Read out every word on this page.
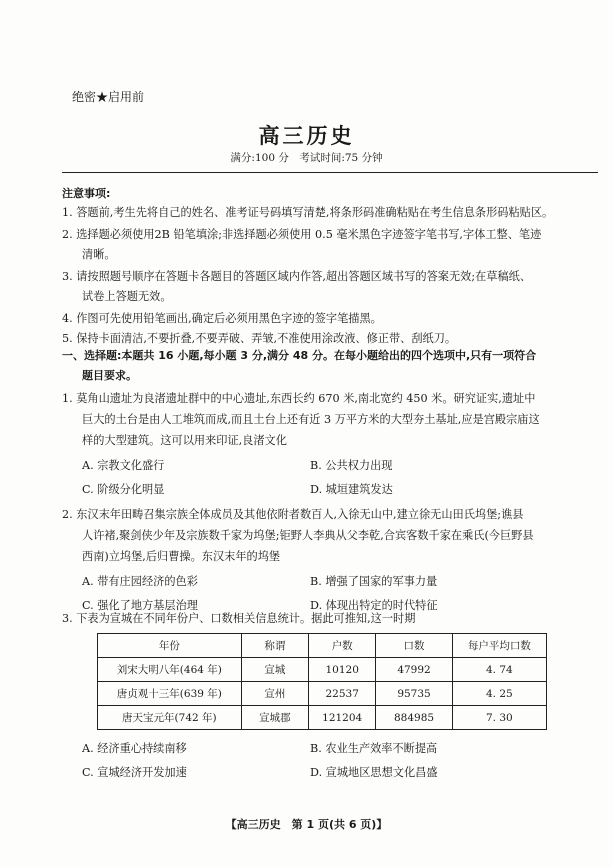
绝密★启用前
高三历史
满分:100 分　考试时间:75 分钟
注意事项:
1. 答题前,考生先将自己的姓名、准考证号码填写清楚,将条形码准确粘贴在考生信息条形码粘贴区。
2. 选择题必须使用2B 铅笔填涂;非选择题必须使用 0.5 毫米黑色字迹签字笔书写,字体工整、笔迹
清晰。
3. 请按照题号顺序在答题卡各题目的答题区域内作答,超出答题区域书写的答案无效;在草稿纸、
试卷上答题无效。
4. 作图可先使用铅笔画出,确定后必须用黑色字迹的签字笔描黑。
5. 保持卡面清洁,不要折叠,不要弄破、弄皱,不准使用涂改液、修正带、刮纸刀。
一、选择题:本题共 16 小题,每小题 3 分,满分 48 分。在每小题给出的四个选项中,只有一项符合
题目要求。
1. 莫角山遗址为良渚遗址群中的中心遗址,东西长约 670 米,南北宽约 450 米。研究证实,遗址中
巨大的土台是由人工堆筑而成,而且土台上还有近 3 万平方米的大型夯土基址,应是宫殿宗庙这
样的大型建筑。这可以用来印证,良渚文化
A. 宗教文化盛行	B. 公共权力出现
C. 阶级分化明显	D. 城垣建筑发达
2. 东汉末年田畴召集宗族全体成员及其他依附者数百人,入徐无山中,建立徐无山田氏坞堡;谯县
人许褚,聚剑侠少年及宗族数千家为坞堡;钜野人李典从父李乾,合宾客数千家在乘氏(今巨野县
西南)立坞堡,后归曹操。东汉末年的坞堡
A. 带有庄园经济的色彩	B. 增强了国家的军事力量
C. 强化了地方基层治理	D. 体现出特定的时代特征
3. 下表为宣城在不同年份户、口数相关信息统计。据此可推知,这一时期
年份	称谓	户数	口数	每户平均口数
刘宋大明八年(464 年)	宣城	10120	47992	4. 74
唐贞观十三年(639 年)	宣州	22537	95735	4. 25
唐天宝元年(742 年)	宣城郡	121204	884985	7. 30
A. 经济重心持续南移	B. 农业生产效率不断提高
C. 宣城经济开发加速	D. 宣城地区思想文化昌盛
【高三历史　第 1 页(共 6 页)】
